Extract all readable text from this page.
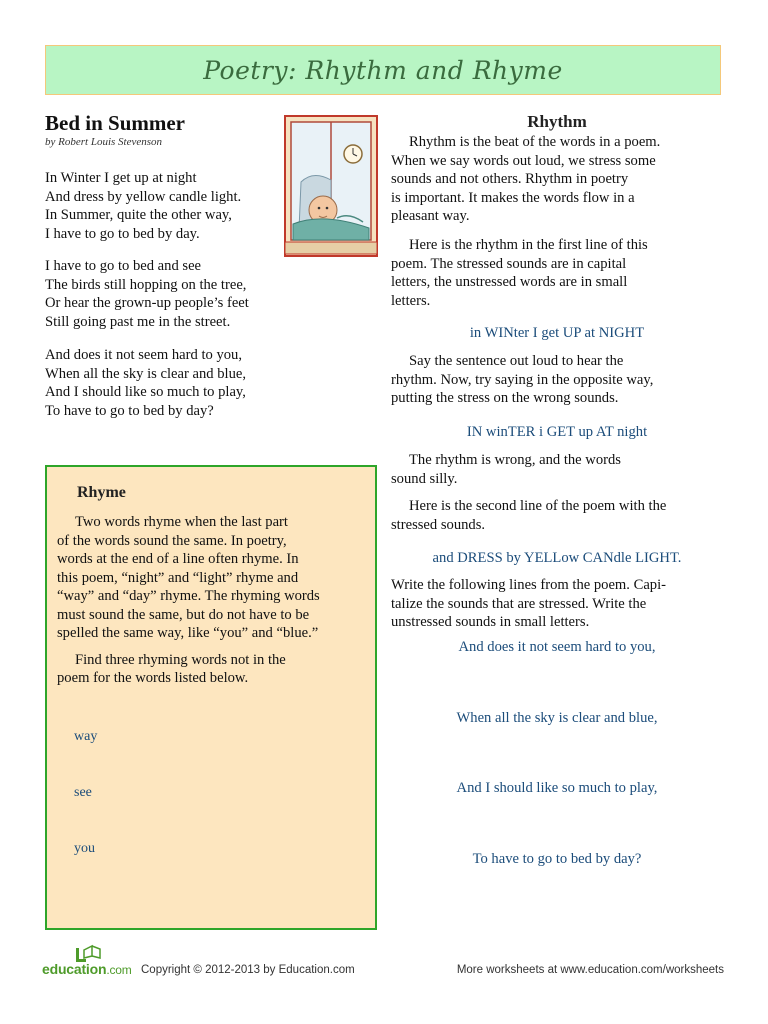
Poetry: Rhythm and Rhyme
Bed in Summer
by Robert Louis Stevenson
In Winter I get up at night
And dress by yellow candle light.
In Summer, quite the other way,
I have to go to bed by day.
I have to go to bed and see
The birds still hopping on the tree,
Or hear the grown-up people’s feet
Still going past me in the street.
And does it not seem hard to you,
When all the sky is clear and blue,
And I should like so much to play,
To have to go to bed by day?
Rhyme
Two words rhyme when the last part
of the words sound the same. In poetry,
words at the end of a line often rhyme. In
this poem, “night” and “light” rhyme and
“way” and “day” rhyme. The rhyming words
must sound the same, but do not have to be
spelled the same way, like “you” and “blue.”
Find three rhyming words not in the
poem for the words listed below.
way
see
you
Rhythm
Rhythm is the beat of the words in a poem.
When we say words out loud, we stress some
sounds and not others. Rhythm in poetry
is important. It makes the words flow in a
pleasant way.
Here is the rhythm in the first line of this
poem. The stressed sounds are in capital
letters, the unstressed words are in small
letters.
in WINter I get UP at NIGHT
Say the sentence out loud to hear the
rhythm. Now, try saying in the opposite way,
putting the stress on the wrong sounds.
IN winTER i GET up AT night
The rhythm is wrong, and the words
sound silly.
Here is the second line of the poem with the
stressed sounds.
and DRESS by YELLow CANdle LIGHT.
Write the following lines from the poem. Capi-
talize the sounds that are stressed. Write the
unstressed sounds in small letters.
And does it not seem hard to you,
When all the sky is clear and blue,
And I should like so much to play,
To have to go to bed by day?
education.com Copyright © 2012-2013 by Education.com	More worksheets at www.education.com/worksheets
